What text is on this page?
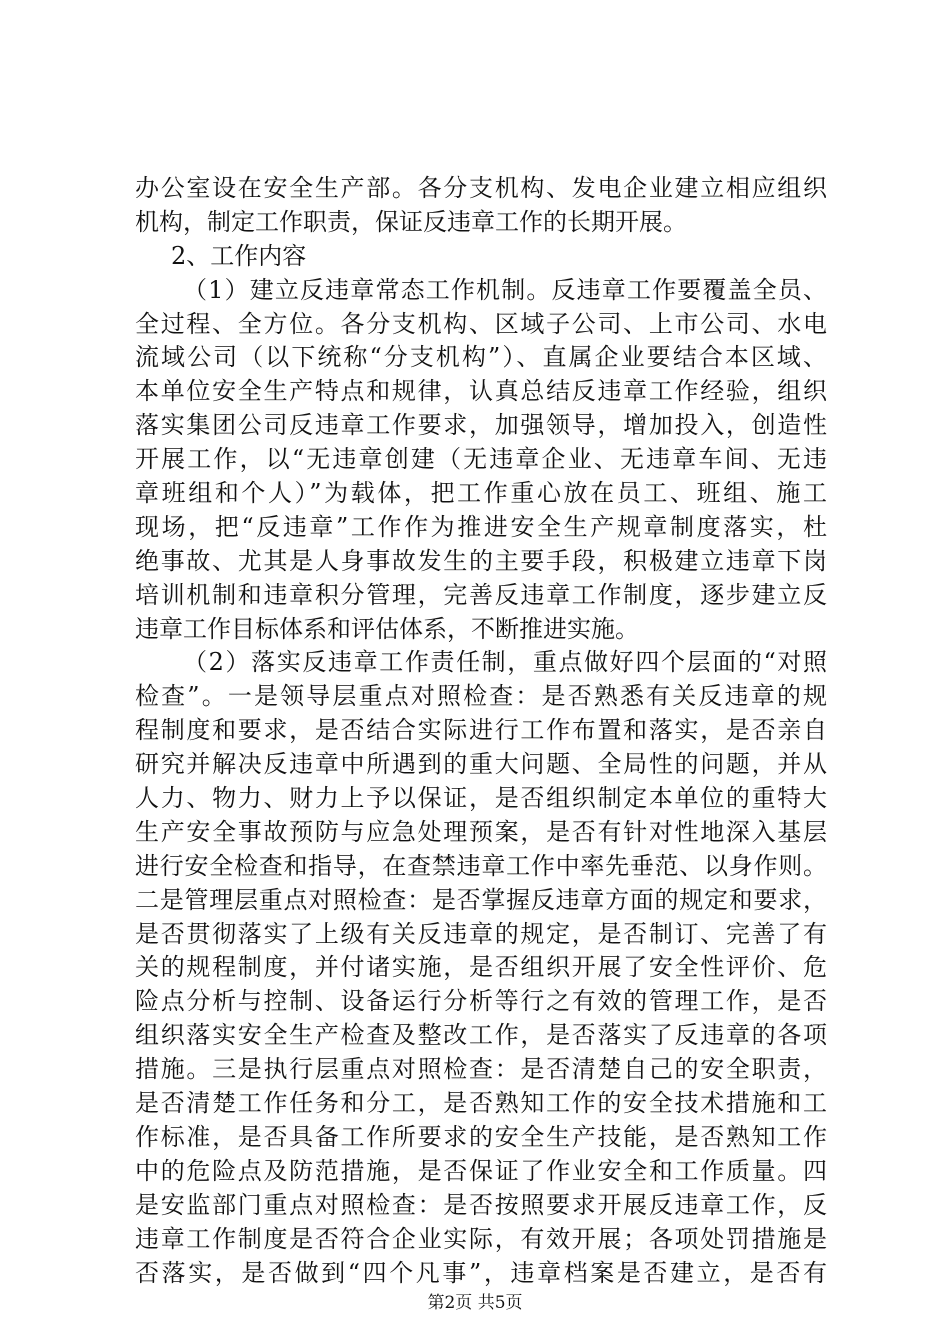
办公室设在安全生产部。各分支机构、发电企业建立相应组织
机构，制定工作职责，保证反违章工作的长期开展。
2、工作内容
（1）建立反违章常态工作机制。反违章工作要覆盖全员、
全过程、全方位。各分支机构、区域子公司、上市公司、水电
流域公司（以下统称“分支机构”）、直属企业要结合本区域、
本单位安全生产特点和规律，认真总结反违章工作经验，组织
落实集团公司反违章工作要求，加强领导，增加投入，创造性
开展工作，以“无违章创建（无违章企业、无违章车间、无违
章班组和个人）”为载体，把工作重心放在员工、班组、施工
现场，把“反违章”工作作为推进安全生产规章制度落实，杜
绝事故、尤其是人身事故发生的主要手段，积极建立违章下岗
培训机制和违章积分管理，完善反违章工作制度，逐步建立反
违章工作目标体系和评估体系，不断推进实施。
（2）落实反违章工作责任制，重点做好四个层面的“对照
检查”。一是领导层重点对照检查：是否熟悉有关反违章的规
程制度和要求，是否结合实际进行工作布置和落实，是否亲自
研究并解决反违章中所遇到的重大问题、全局性的问题，并从
人力、物力、财力上予以保证，是否组织制定本单位的重特大
生产安全事故预防与应急处理预案，是否有针对性地深入基层
进行安全检查和指导，在查禁违章工作中率先垂范、以身作则。
二是管理层重点对照检查：是否掌握反违章方面的规定和要求，
是否贯彻落实了上级有关反违章的规定，是否制订、完善了有
关的规程制度，并付诸实施，是否组织开展了安全性评价、危
险点分析与控制、设备运行分析等行之有效的管理工作，是否
组织落实安全生产检查及整改工作，是否落实了反违章的各项
措施。三是执行层重点对照检查：是否清楚自己的安全职责，
是否清楚工作任务和分工，是否熟知工作的安全技术措施和工
作标准，是否具备工作所要求的安全生产技能，是否熟知工作
中的危险点及防范措施，是否保证了作业安全和工作质量。四
是安监部门重点对照检查：是否按照要求开展反违章工作，反
违章工作制度是否符合企业实际，有效开展；各项处罚措施是
否落实，是否做到“四个凡事”，违章档案是否建立，是否有
第2页 共5页
